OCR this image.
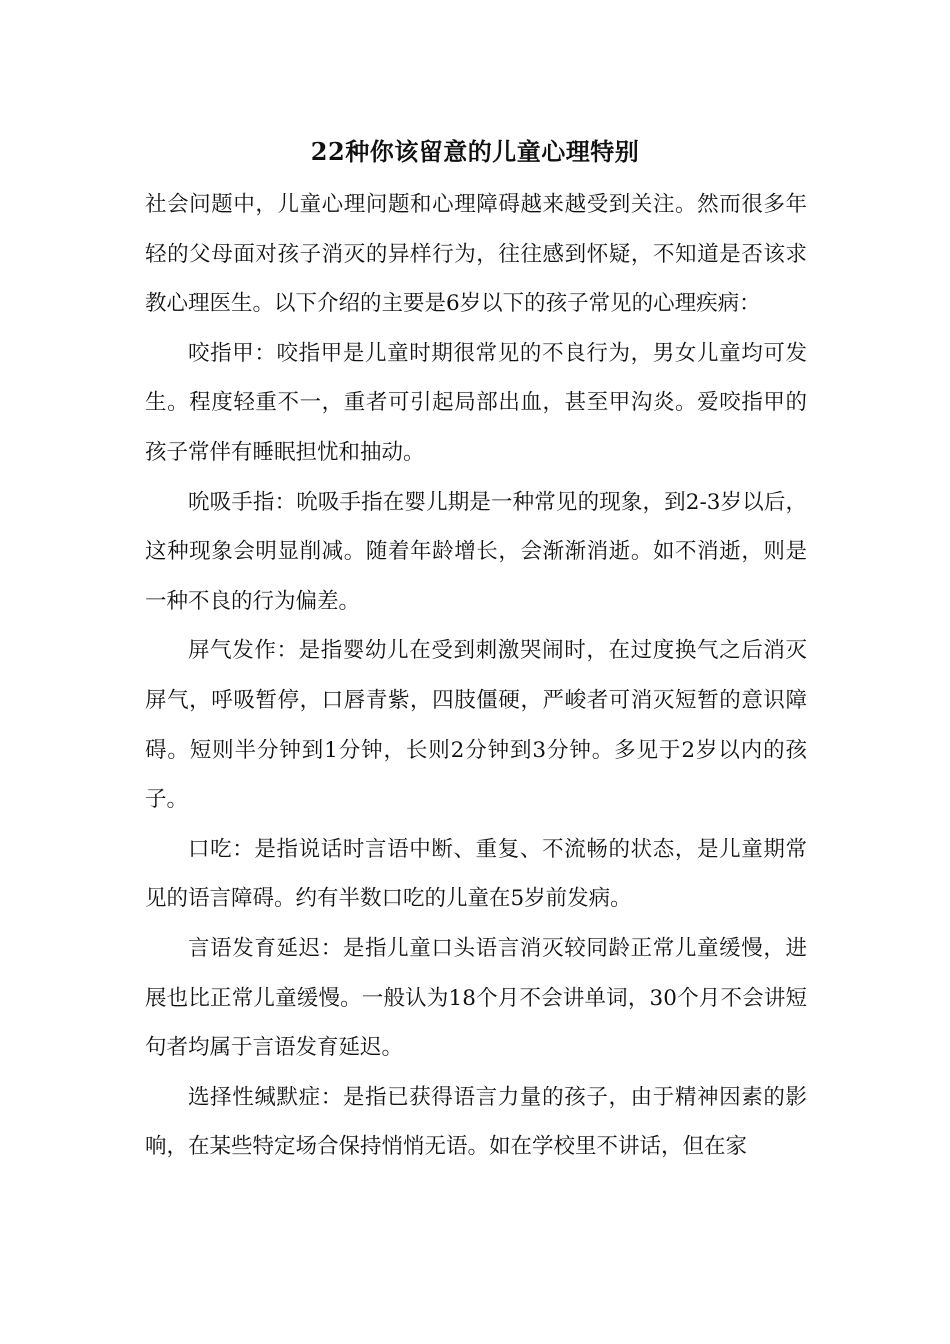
22种你该留意的儿童心理特别

社会问题中，儿童心理问题和心理障碍越来越受到关注。然而很多年轻的父母面对孩子消灭的异样行为，往往感到怀疑，不知道是否该求教心理医生。以下介绍的主要是6岁以下的孩子常见的心理疾病：

咬指甲：咬指甲是儿童时期很常见的不良行为，男女儿童均可发生。程度轻重不一，重者可引起局部出血，甚至甲沟炎。爱咬指甲的孩子常伴有睡眠担忧和抽动。

吮吸手指：吮吸手指在婴儿期是一种常见的现象，到2-3岁以后，这种现象会明显削减。随着年龄增长，会渐渐消逝。如不消逝，则是一种不良的行为偏差。

屏气发作：是指婴幼儿在受到刺激哭闹时，在过度换气之后消灭屏气，呼吸暂停，口唇青紫，四肢僵硬，严峻者可消灭短暂的意识障碍。短则半分钟到1分钟，长则2分钟到3分钟。多见于2岁以内的孩子。

口吃：是指说话时言语中断、重复、不流畅的状态，是儿童期常见的语言障碍。约有半数口吃的儿童在5岁前发病。

言语发育延迟：是指儿童口头语言消灭较同龄正常儿童缓慢，进展也比正常儿童缓慢。一般认为18个月不会讲单词，30个月不会讲短句者均属于言语发育延迟。

选择性缄默症：是指已获得语言力量的孩子，由于精神因素的影响，在某些特定场合保持悄悄无语。如在学校里不讲话，但在家
